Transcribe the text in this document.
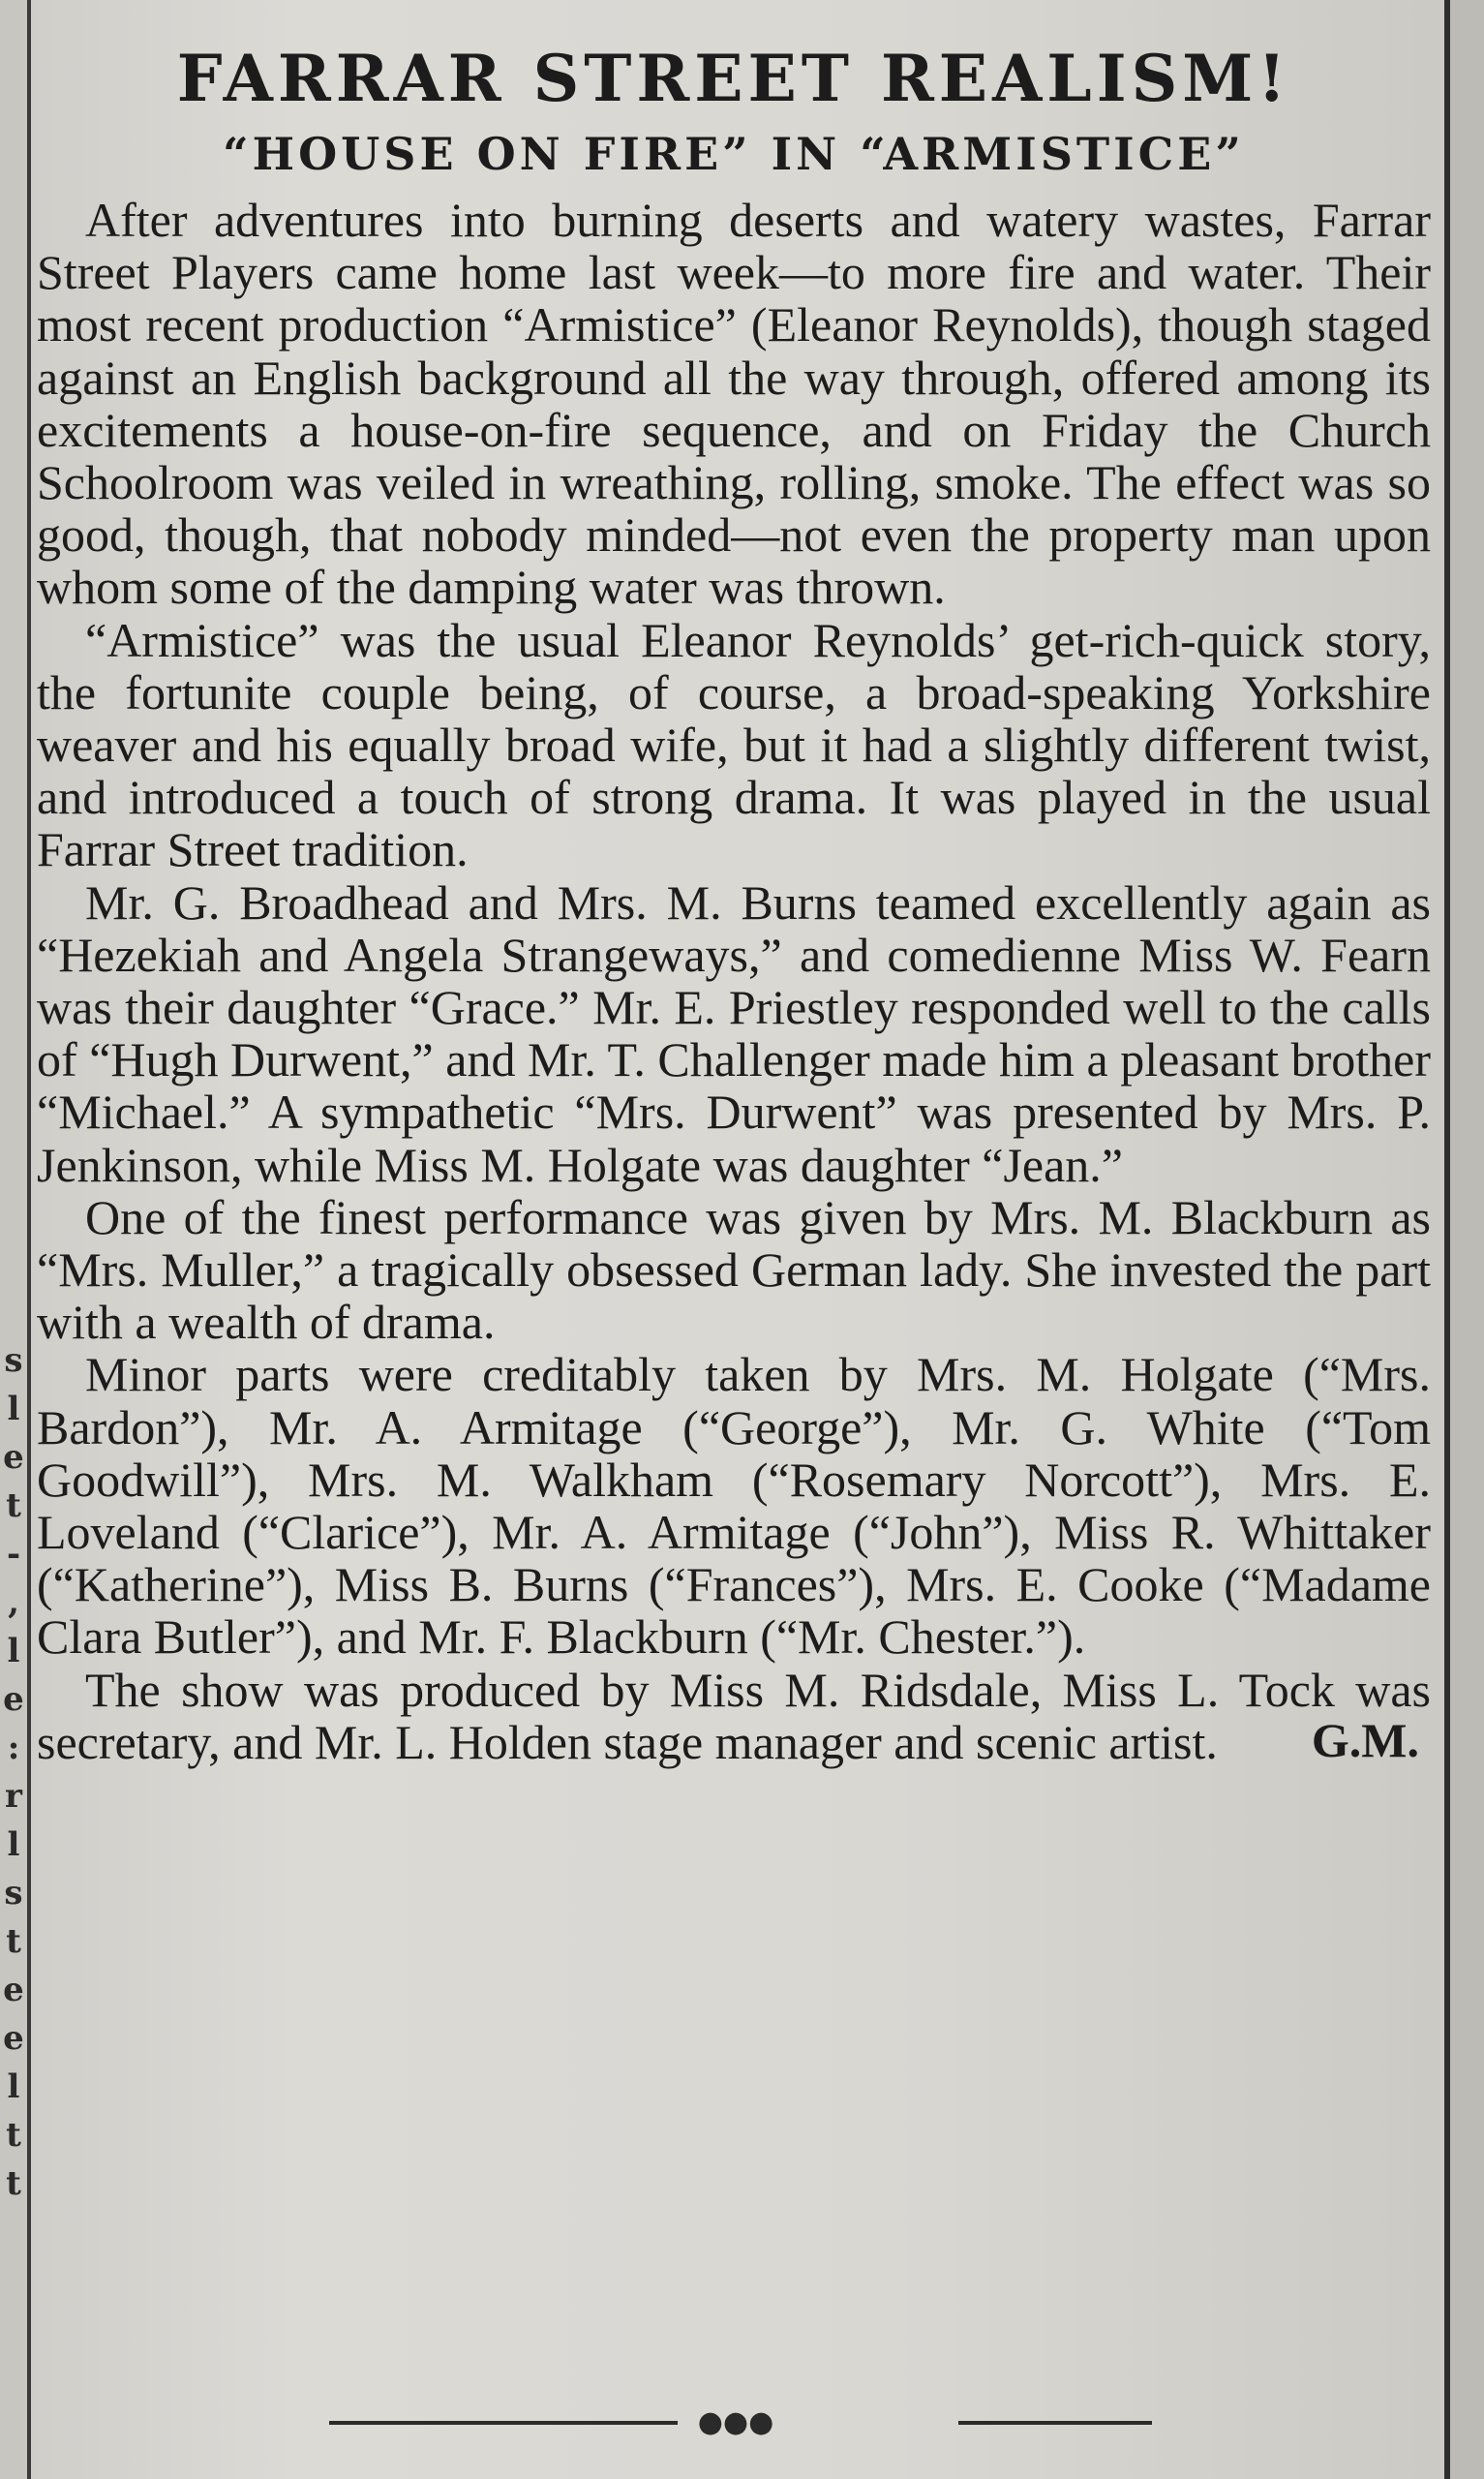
s
l
e
t
-
,
l
e
:
r
l
s
t
e
e
l
t
t
FARRAR STREET REALISM!
“HOUSE ON FIRE” IN “ARMISTICE”

After adventures into burning deserts and watery wastes, Farrar Street Players came home last week—to more fire and water. Their most recent production “Armistice” (Eleanor Reynolds), though staged against an English background all the way through, offered among its excitements a house-on-fire sequence, and on Friday the Church Schoolroom was veiled in wreathing, rolling, smoke. The effect was so good, though, that nobody minded—not even the property man upon whom some of the damping water was thrown.

“Armistice” was the usual Eleanor Reynolds’ get-rich-quick story, the fortunite couple being, of course, a broad-speaking Yorkshire weaver and his equally broad wife, but it had a slightly different twist, and introduced a touch of strong drama. It was played in the usual Farrar Street tradition.

Mr. G. Broadhead and Mrs. M. Burns teamed excellently again as “Hezekiah and Angela Strangeways,” and comedienne Miss W. Fearn was their daughter “Grace.” Mr. E. Priestley responded well to the calls of “Hugh Durwent,” and Mr. T. Challenger made him a pleasant brother “Michael.” A sympathetic “Mrs. Durwent” was presented by Mrs. P. Jenkinson, while Miss M. Holgate was daughter “Jean.”

One of the finest performance was given by Mrs. M. Blackburn as “Mrs. Muller,” a tragically obsessed German lady. She invested the part with a wealth of drama.

Minor parts were creditably taken by Mrs. M. Holgate (“Mrs. Bardon”), Mr. A. Armitage (“George”), Mr. G. White (“Tom Goodwill”), Mrs. M. Walkham (“Rosemary Norcott”), Mrs. E. Loveland (“Clarice”), Mr. A. Armitage (“John”), Miss R. Whittaker (“Katherine”), Miss B. Burns (“Frances”), Mrs. E. Cooke (“Madame Clara Butler”), and Mr. F. Blackburn (“Mr. Chester.”).

The show was produced by Miss M. Ridsdale, Miss L. Tock was secretary, and Mr. L. Holden stage manager and scenic artist.	G.M.
●●●
